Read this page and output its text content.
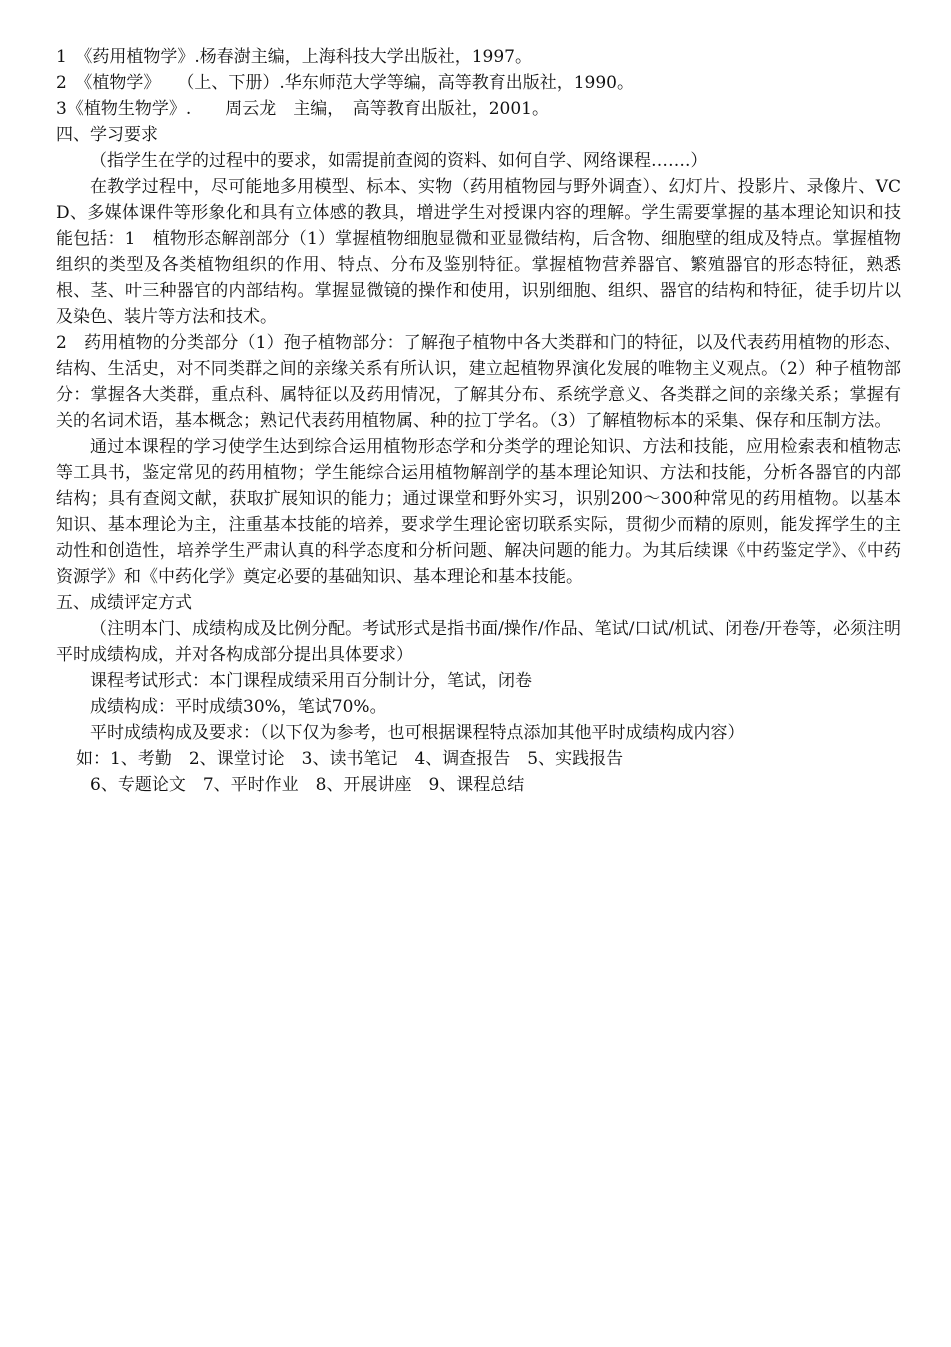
1　《药用植物学》.杨春澍主编，上海科技大学出版社，1997。

2　《植物学》　　（上、下册）.华东师范大学等编，高等教育出版社，1990。

3《植物生物学》.　　周云龙　主编，　高等教育出版社，2001。

四、学习要求

（指学生在学的过程中的要求，如需提前查阅的资料、如何自学、网络课程…….）

在教学过程中，尽可能地多用模型、标本、实物（药用植物园与野外调查）、幻灯片、投影片、录像片、VCD、多媒体课件等形象化和具有立体感的教具，增进学生对授课内容的理解。学生需要掌握的基本理论知识和技能包括：1　植物形态解剖部分（1）掌握植物细胞显微和亚显微结构，后含物、细胞壁的组成及特点。掌握植物组织的类型及各类植物组织的作用、特点、分布及鉴别特征。掌握植物营养器官、繁殖器官的形态特征，熟悉根、茎、叶三种器官的内部结构。掌握显微镜的操作和使用，识别细胞、组织、器官的结构和特征，徒手切片以及染色、装片等方法和技术。

2　药用植物的分类部分（1）孢子植物部分：了解孢子植物中各大类群和门的特征，以及代表药用植物的形态、结构、生活史，对不同类群之间的亲缘关系有所认识，建立起植物界演化发展的唯物主义观点。（2）种子植物部分：掌握各大类群，重点科、属特征以及药用情况，了解其分布、系统学意义、各类群之间的亲缘关系；掌握有关的名词术语，基本概念；熟记代表药用植物属、种的拉丁学名。（3）了解植物标本的采集、保存和压制方法。

通过本课程的学习使学生达到综合运用植物形态学和分类学的理论知识、方法和技能，应用检索表和植物志等工具书，鉴定常见的药用植物；学生能综合运用植物解剖学的基本理论知识、方法和技能，分析各器官的内部结构；具有查阅文献，获取扩展知识的能力；通过课堂和野外实习，识别200～300种常见的药用植物。以基本知识、基本理论为主，注重基本技能的培养，要求学生理论密切联系实际，贯彻少而精的原则，能发挥学生的主动性和创造性，培养学生严肃认真的科学态度和分析问题、解决问题的能力。为其后续课《中药鉴定学》、《中药资源学》和《中药化学》奠定必要的基础知识、基本理论和基本技能。

五、成绩评定方式

（注明本门、成绩构成及比例分配。考试形式是指书面/操作/作品、笔试/口试/机试、闭卷/开卷等，必须注明平时成绩构成，并对各构成部分提出具体要求）

课程考试形式：本门课程成绩采用百分制计分，笔试，闭卷

成绩构成：平时成绩30%，笔试70%。

平时成绩构成及要求：（以下仅为参考，也可根据课程特点添加其他平时成绩构成内容）

如：1、考勤　2、课堂讨论　3、读书笔记　4、调查报告　5、实践报告

6、专题论文　7、平时作业　8、开展讲座　9、课程总结
